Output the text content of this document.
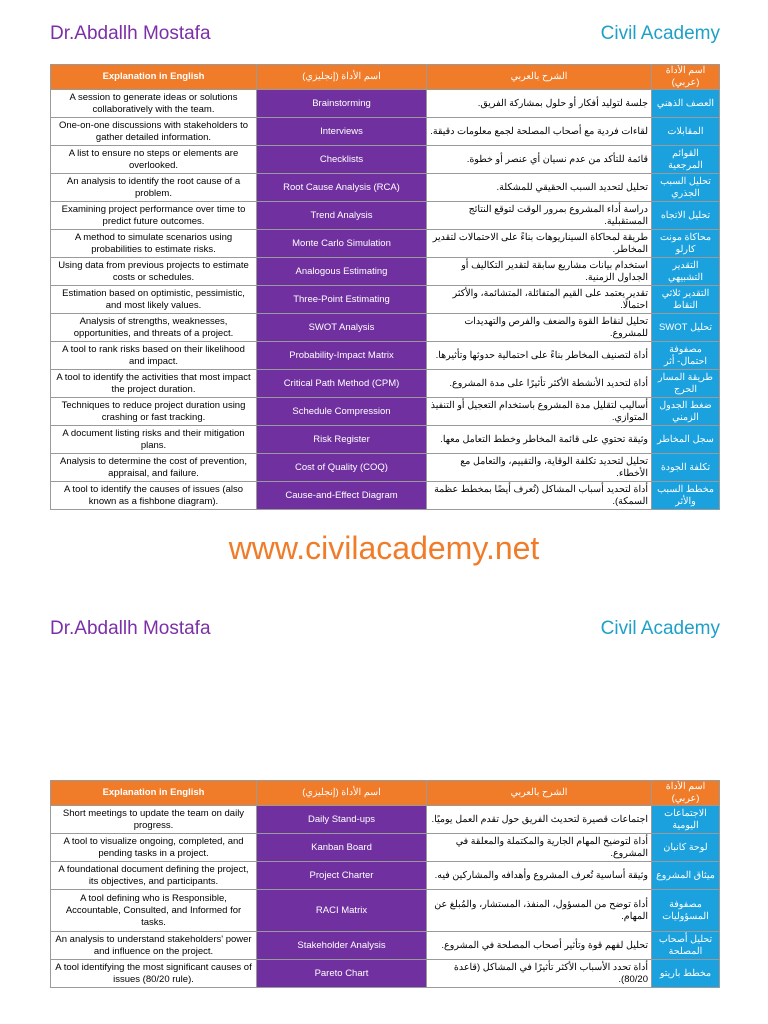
Dr.Abdallh Mostafa	Civil Academy
Explanation in English	اسم الأداة (إنجليزي)	الشرح بالعربي	اسم الأداة (عربي)
A session to generate ideas or solutions collaboratively with the team.	Brainstorming	جلسة لتوليد أفكار أو حلول بمشاركة الفريق.	العصف الذهني
One-on-one discussions with stakeholders to gather detailed information.	Interviews	لقاءات فردية مع أصحاب المصلحة لجمع معلومات دقيقة.	المقابلات
A list to ensure no steps or elements are overlooked.	Checklists	قائمة للتأكد من عدم نسيان أي عنصر أو خطوة.	القوائم المرجعية
An analysis to identify the root cause of a problem.	Root Cause Analysis (RCA)	تحليل لتحديد السبب الحقيقي للمشكلة.	تحليل السبب الجذري
Examining project performance over time to predict future outcomes.	Trend Analysis	دراسة أداء المشروع بمرور الوقت لتوقع النتائج المستقبلية.	تحليل الاتجاه
A method to simulate scenarios using probabilities to estimate risks.	Monte Carlo Simulation	طريقة لمحاكاة السيناريوهات بناءً على الاحتمالات لتقدير المخاطر.	محاكاة مونت كارلو
Using data from previous projects to estimate costs or schedules.	Analogous Estimating	استخدام بيانات مشاريع سابقة لتقدير التكاليف أو الجداول الزمنية.	التقدير التشبيهي
Estimation based on optimistic, pessimistic, and most likely values.	Three-Point Estimating	تقدير يعتمد على القيم المتفائلة، المتشائمة، والأكثر احتمالًا.	التقدير ثلاثي النقاط
Analysis of strengths, weaknesses, opportunities, and threats of a project.	SWOT Analysis	تحليل لنقاط القوة والضعف والفرص والتهديدات للمشروع.	تحليل SWOT
A tool to rank risks based on their likelihood and impact.	Probability-Impact Matrix	أداة لتصنيف المخاطر بناءً على احتمالية حدوثها وتأثيرها.	مصفوفة احتمال- أثر
A tool to identify the activities that most impact the project duration.	Critical Path Method (CPM)	أداة لتحديد الأنشطة الأكثر تأثيرًا على مدة المشروع.	طريقة المسار الحرج
Techniques to reduce project duration using crashing or fast tracking.	Schedule Compression	أساليب لتقليل مدة المشروع باستخدام التعجيل أو التنفيذ المتوازي.	ضغط الجدول الزمني
A document listing risks and their mitigation plans.	Risk Register	وثيقة تحتوي على قائمة المخاطر وخطط التعامل معها.	سجل المخاطر
Analysis to determine the cost of prevention, appraisal, and failure.	Cost of Quality (COQ)	تحليل لتحديد تكلفة الوقاية، والتقييم، والتعامل مع الأخطاء.	تكلفة الجودة
A tool to identify the causes of issues (also known as a fishbone diagram).	Cause-and-Effect Diagram	أداة لتحديد أسباب المشاكل (تُعرف أيضًا بمخطط عظمة السمكة).	مخطط السبب والأثر
www.civilacademy.net
Dr.Abdallh Mostafa	Civil Academy
Explanation in English	اسم الأداة (إنجليزي)	الشرح بالعربي	اسم الأداة (عربي)
Short meetings to update the team on daily progress.	Daily Stand-ups	اجتماعات قصيرة لتحديث الفريق حول تقدم العمل يوميًا.	الاجتماعات اليومية
A tool to visualize ongoing, completed, and pending tasks in a project.	Kanban Board	أداة لتوضيح المهام الجارية والمكتملة والمعلقة في المشروع.	لوحة كانبان
A foundational document defining the project, its objectives, and participants.	Project Charter	وثيقة أساسية تُعرف المشروع وأهدافه والمشاركين فيه.	ميثاق المشروع
A tool defining who is Responsible, Accountable, Consulted, and Informed for tasks.	RACI Matrix	أداة توضح من المسؤول، المنفذ، المستشار، والمُبلغ عن المهام.	مصفوفة المسؤوليات
An analysis to understand stakeholders' power and influence on the project.	Stakeholder Analysis	تحليل لفهم قوة وتأثير أصحاب المصلحة في المشروع.	تحليل أصحاب المصلحة
A tool identifying the most significant causes of issues (80/20 rule).	Pareto Chart	أداة تحدد الأسباب الأكثر تأثيرًا في المشاكل (قاعدة 80/20).	مخطط باريتو
